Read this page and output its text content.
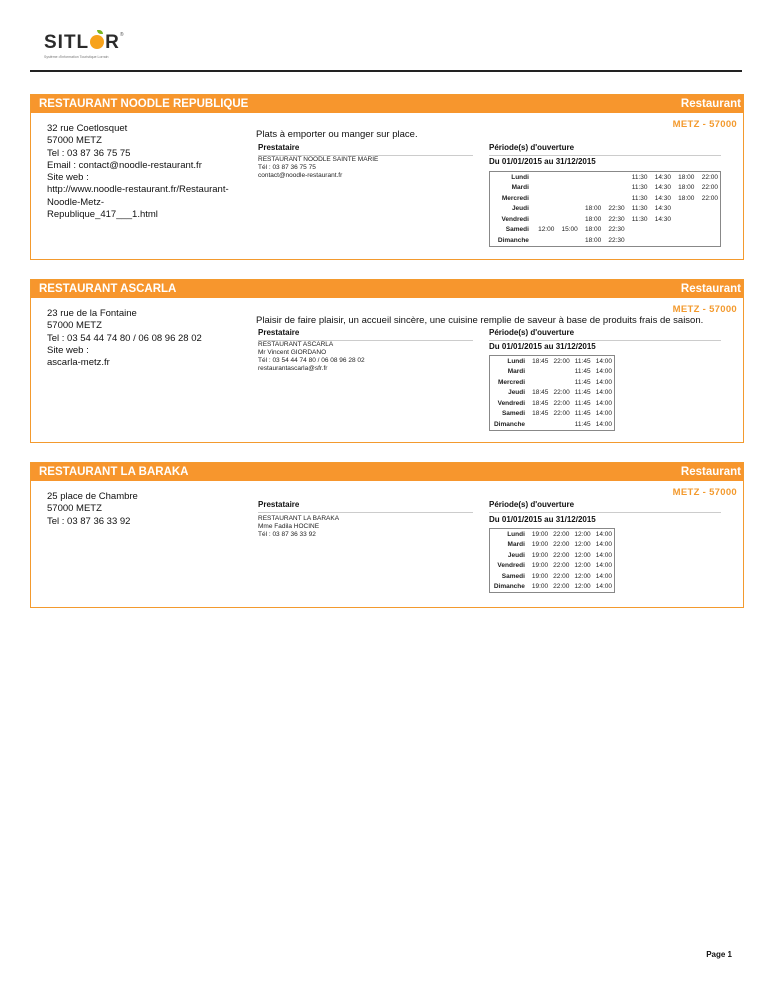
SITL R®
Système d'Information Touristique Lorrain
RESTAURANT NOODLE REPUBLIQUE	Restaurant
METZ - 57000
32 rue Coetlosquet
57000 METZ
Tel : 03 87 36 75 75
Email : contact@noodle-restaurant.fr
Site web :
http://www.noodle-restaurant.fr/Restaurant-
Noodle-Metz-
Republique_417___1.html
Plats à emporter ou manger sur place.
Prestataire	Période(s) d'ouverture
RESTAURANT NOODLE SAINTE MARIE
Tél : 03 87 36 75 75
contact@noodle-restaurant.fr
Du 01/01/2015 au 31/12/2015
Lundi					11:30	14:30	18:00	22:00
Mardi					11:30	14:30	18:00	22:00
Mercredi					11:30	14:30	18:00	22:00
Jeudi			18:00	22:30	11:30	14:30		
Vendredi			18:00	22:30	11:30	14:30		
Samedi	12:00	15:00	18:00	22:30				
Dimanche			18:00	22:30				
RESTAURANT ASCARLA	Restaurant
METZ - 57000
23 rue de la Fontaine
57000 METZ
Tel : 03 54 44 74 80 / 06 08 96 28 02
Site web :
ascarla-metz.fr
Plaisir de faire plaisir, un accueil sincère, une cuisine remplie de saveur à base de produits frais de saison.
Prestataire	Période(s) d'ouverture
RESTAURANT ASCARLA
Mr Vincent GIORDANO
Tél : 03 54 44 74 80 / 06 08 96 28 02
restaurantascarla@sfr.fr
Du 01/01/2015 au 31/12/2015
Lundi	18:45	22:00	11:45	14:00
Mardi			11:45	14:00
Mercredi			11:45	14:00
Jeudi	18:45	22:00	11:45	14:00
Vendredi	18:45	22:00	11:45	14:00
Samedi	18:45	22:00	11:45	14:00
Dimanche			11:45	14:00
RESTAURANT LA BARAKA	Restaurant
METZ - 57000
25 place de Chambre
57000 METZ
Tel : 03 87 36 33 92
Prestataire	Période(s) d'ouverture
RESTAURANT LA BARAKA
Mme Fadila HOCINE
Tél : 03 87 36 33 92
Du 01/01/2015 au 31/12/2015
Lundi	19:00	22:00	12:00	14:00
Mardi	19:00	22:00	12:00	14:00
Jeudi	19:00	22:00	12:00	14:00
Vendredi	19:00	22:00	12:00	14:00
Samedi	19:00	22:00	12:00	14:00
Dimanche	19:00	22:00	12:00	14:00
Page 1
